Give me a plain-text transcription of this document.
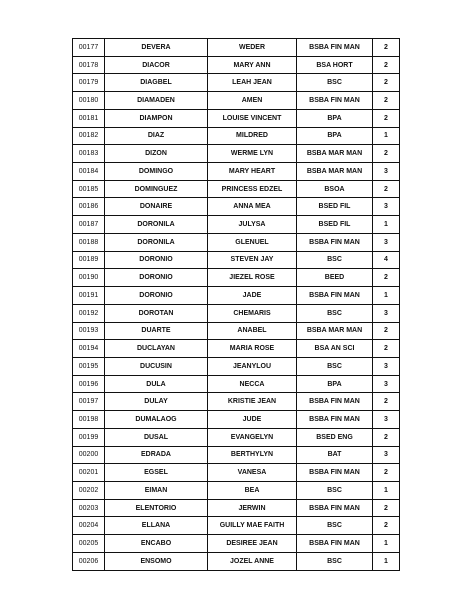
00177	DEVERA	WEDER	BSBA FIN MAN	2
00178	DIACOR	MARY ANN	BSA HORT	2
00179	DIAGBEL	LEAH JEAN	BSC	2
00180	DIAMADEN	AMEN	BSBA FIN MAN	2
00181	DIAMPON	LOUISE VINCENT	BPA	2
00182	DIAZ	MILDRED	BPA	1
00183	DIZON	WERME LYN	BSBA MAR MAN	2
00184	DOMINGO	MARY HEART	BSBA MAR MAN	3
00185	DOMINGUEZ	PRINCESS EDZEL	BSOA	2
00186	DONAIRE	ANNA MEA	BSED FIL	3
00187	DORONILA	JULYSA	BSED FIL	1
00188	DORONILA	GLENUEL	BSBA FIN MAN	3
00189	DORONIO	STEVEN JAY	BSC	4
00190	DORONIO	JIEZEL ROSE	BEED	2
00191	DORONIO	JADE	BSBA FIN MAN	1
00192	DOROTAN	CHEMARIS	BSC	3
00193	DUARTE	ANABEL	BSBA MAR MAN	2
00194	DUCLAYAN	MARIA ROSE	BSA AN SCI	2
00195	DUCUSIN	JEANYLOU	BSC	3
00196	DULA	NECCA	BPA	3
00197	DULAY	KRISTIE JEAN	BSBA FIN MAN	2
00198	DUMALAOG	JUDE	BSBA FIN MAN	3
00199	DUSAL	EVANGELYN	BSED ENG	2
00200	EDRADA	BERTHYLYN	BAT	3
00201	EGSEL	VANESA	BSBA FIN MAN	2
00202	EIMAN	BEA	BSC	1
00203	ELENTORIO	JERWIN	BSBA FIN MAN	2
00204	ELLANA	GUILLY MAE FAITH	BSC	2
00205	ENCABO	DESIREE JEAN	BSBA FIN MAN	1
00206	ENSOMO	JOZEL ANNE	BSC	1
